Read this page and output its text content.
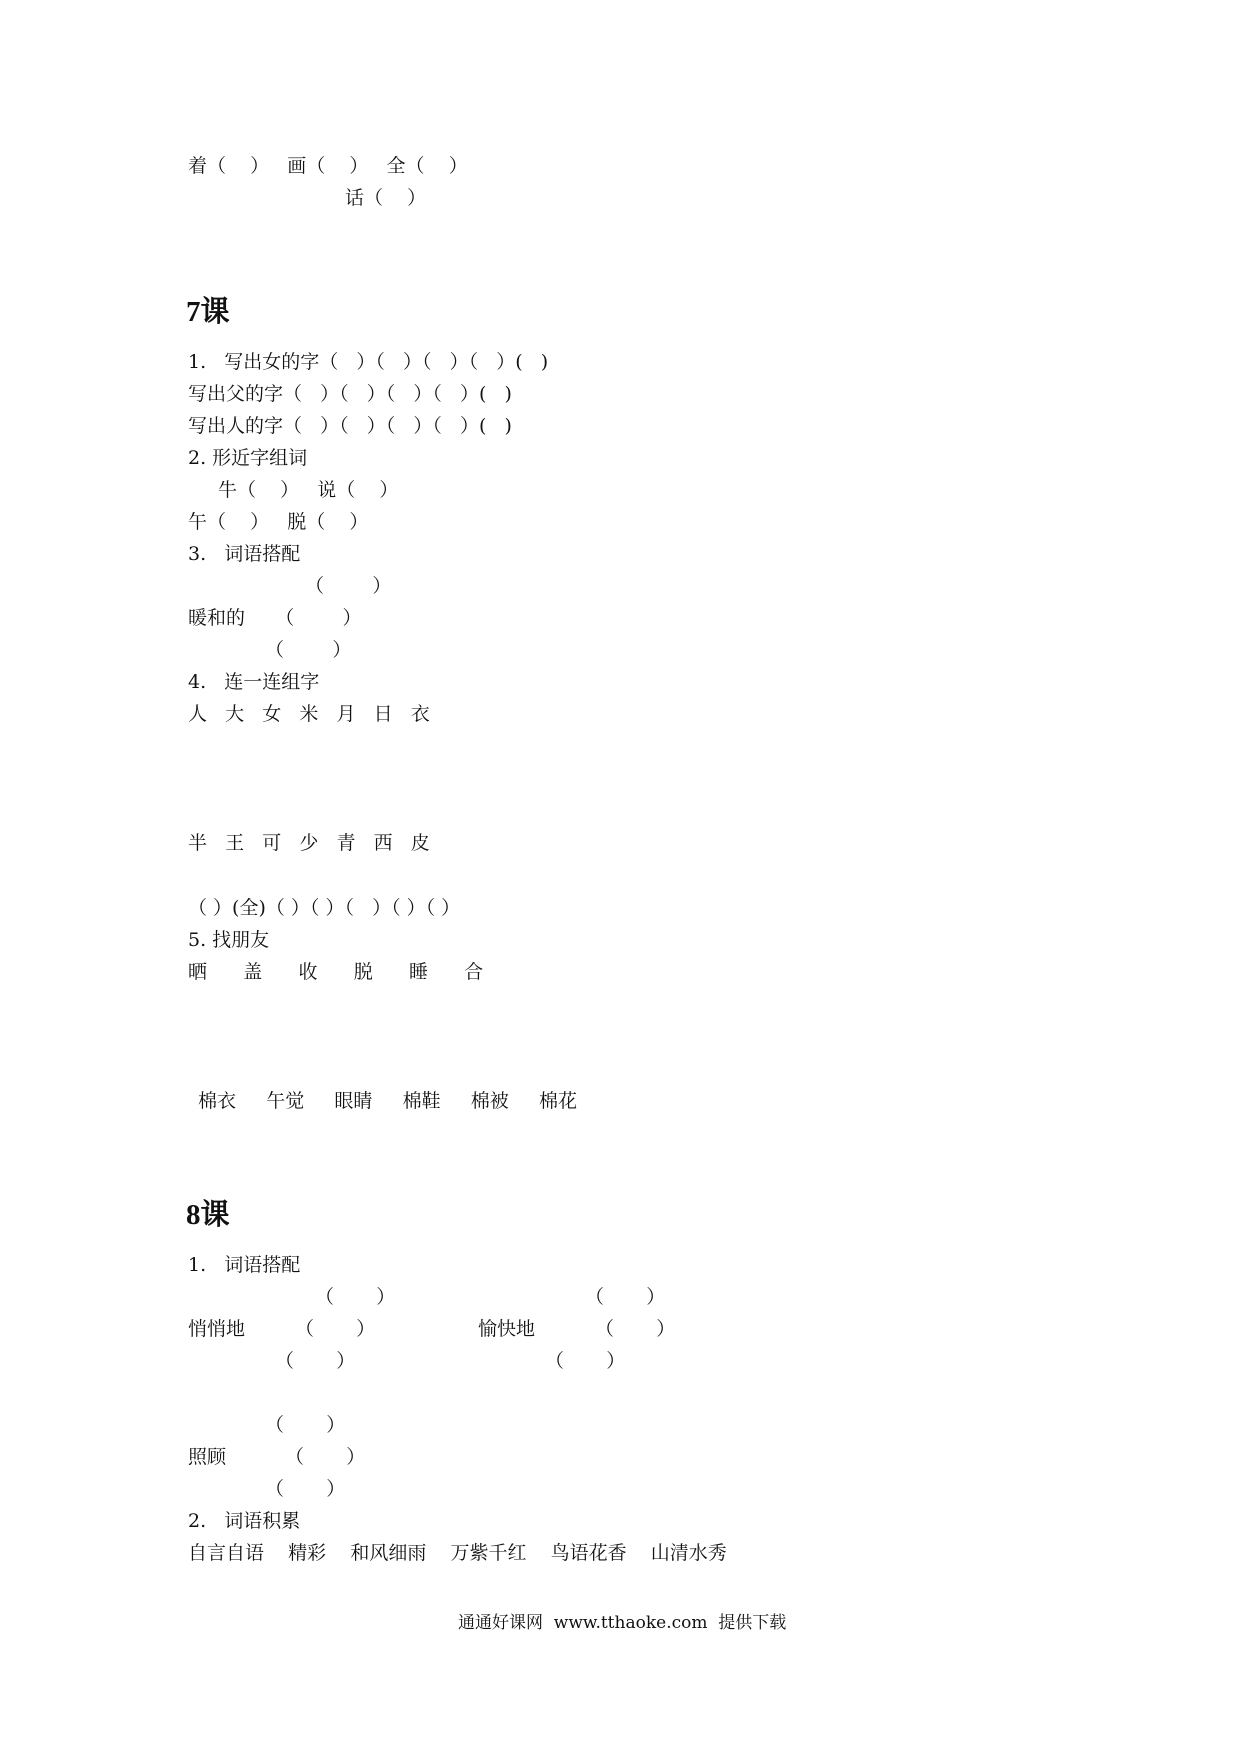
着（    ）   画（    ）   全（    ）
话（    ）
7课
1.   写出女的字（   ）（   ）（   ）（   ）(   )
写出父的字（   ）（   ）（   ）（   ）(   )
写出人的字（   ）（   ）（   ）（   ）(   )
2. 形近字组词
牛（    ）   说（    ）
午（    ）   脱（    ）
3.   词语搭配
（        ）
暖和的     （        ）
（        ）
4.   连一连组字
人   大   女   米   月   日   衣
半   王   可   少   青   西   皮
（ ）(全)（ ）（ ）（   ）（ ）（ ）
5. 找朋友
晒      盖      收      脱      睡      合
棉衣     午觉     眼睛     棉鞋     棉被     棉花
8课
1.   词语搭配
（       ）	（       ）
悄悄地	（       ）	愉快地	（       ）
（       ）	（       ）
（       ）
照顾	（       ）
（       ）
2.   词语积累
自言自语    精彩    和风细雨    万紫千红    鸟语花香    山清水秀
通通好课网  www.tthaoke.com  提供下载
